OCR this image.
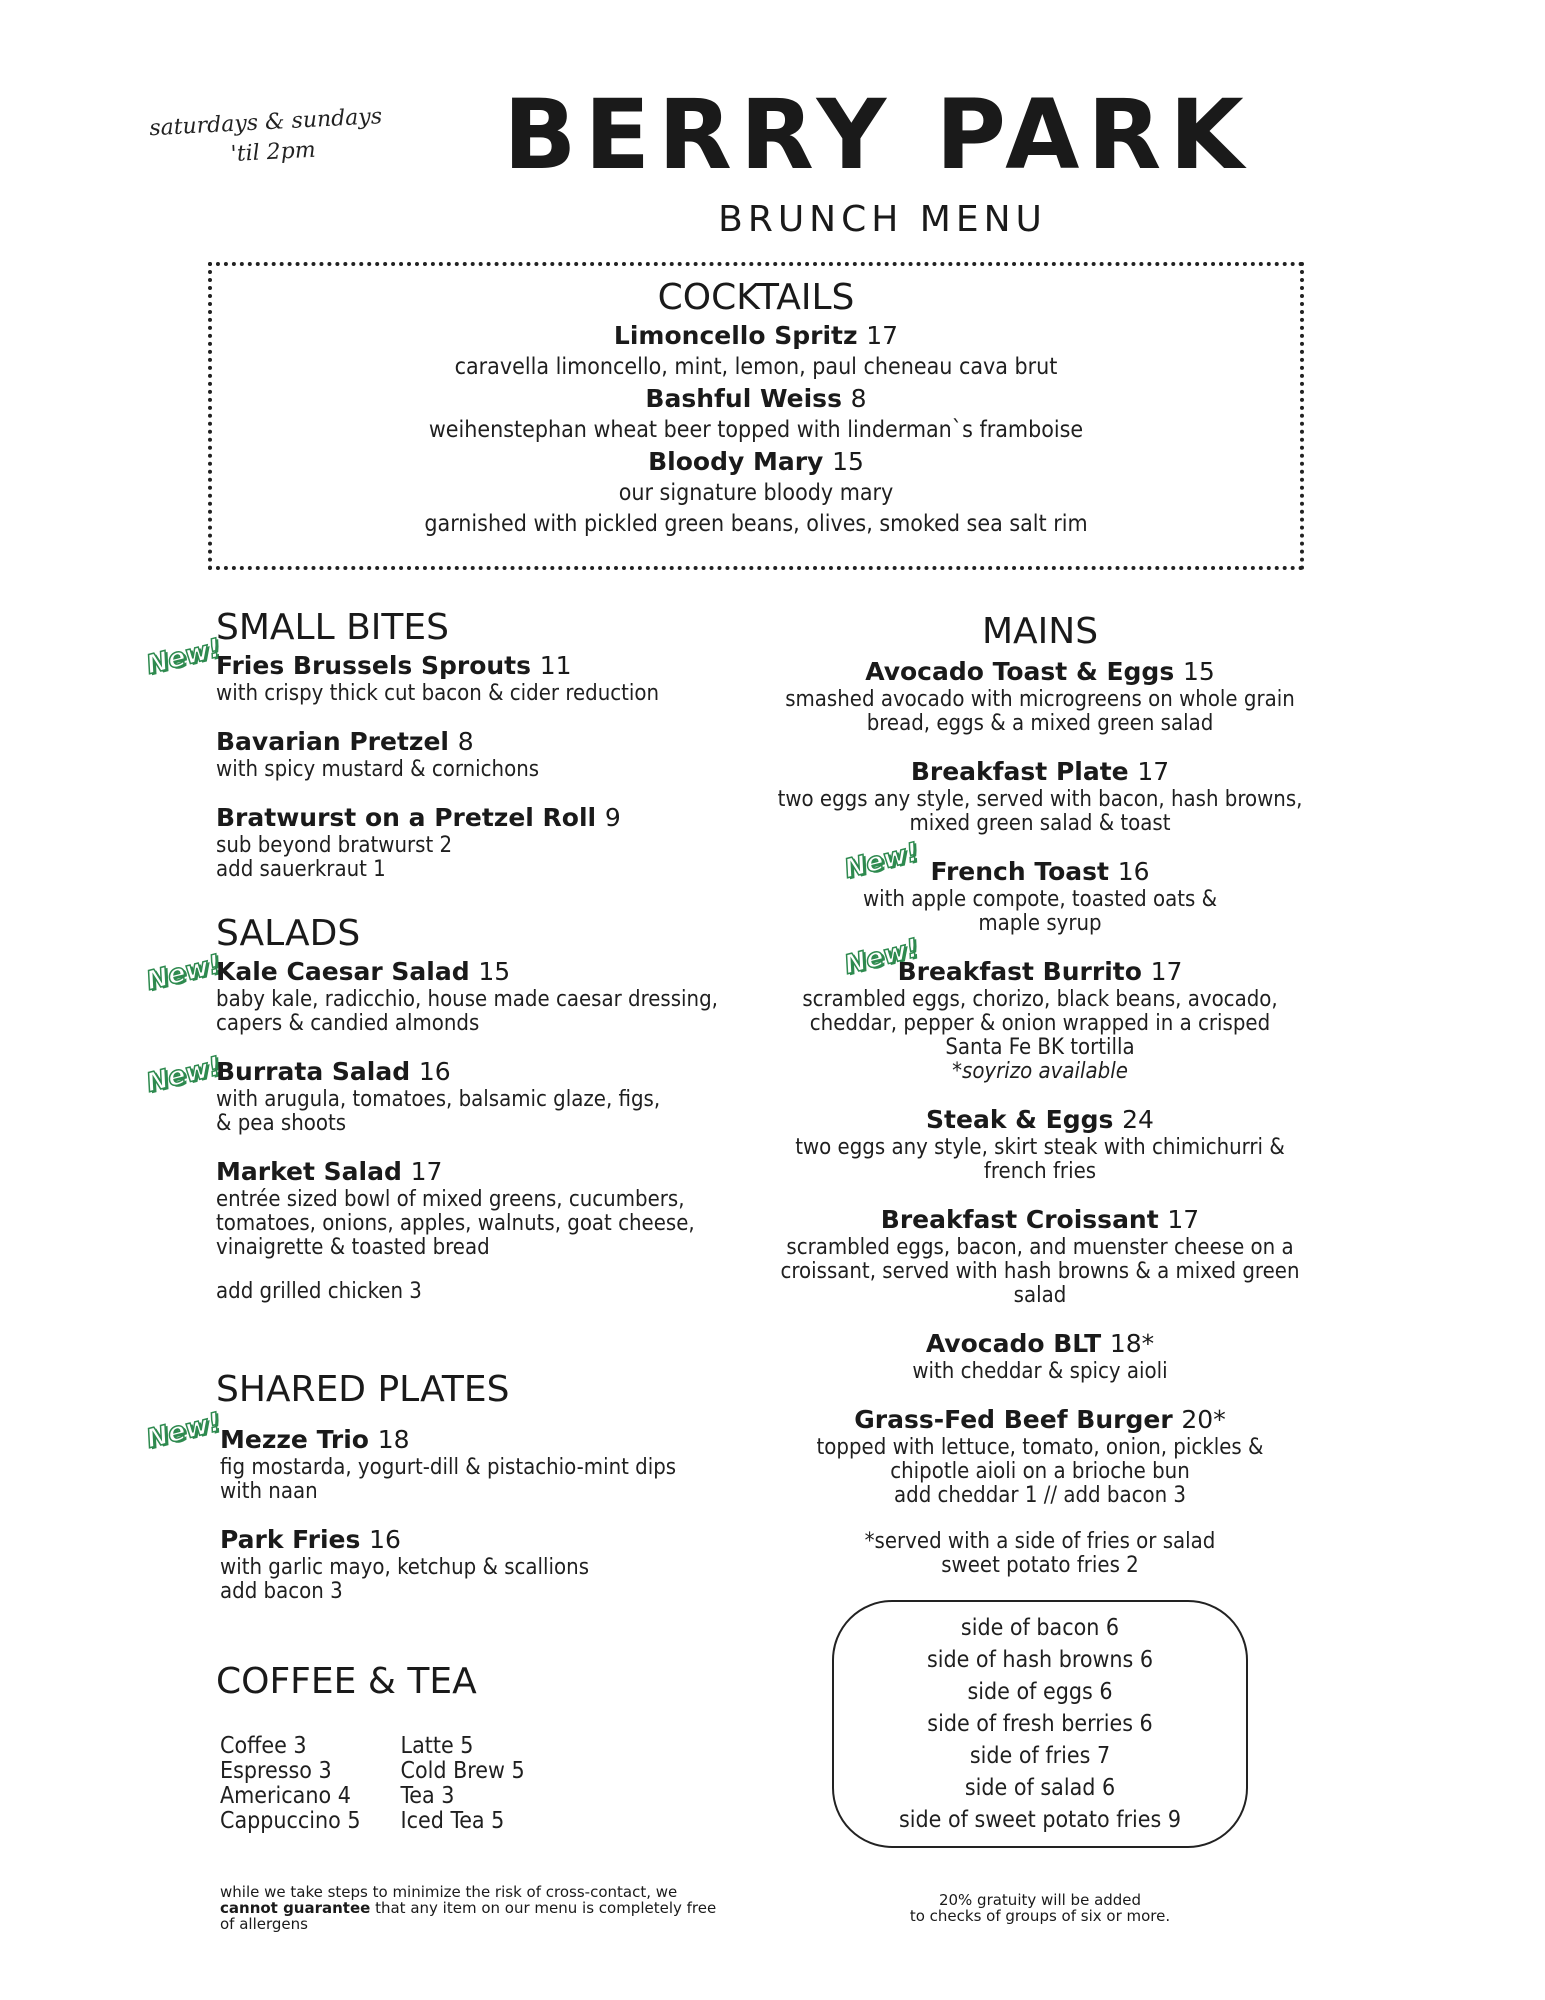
saturdays & sundays
'til 2pm	BERRY PARK
BRUNCH MENU
COCKTAILS
Limoncello Spritz 17
caravella limoncello, mint, lemon, paul cheneau cava brut
Bashful Weiss 8
weihenstephan wheat beer topped with linderman`s framboise
Bloody Mary 15
our signature bloody mary
garnished with pickled green beans, olives, smoked sea salt rim
New!
New!
New!
New!
New!
New!
SMALL BITES
Fries Brussels Sprouts 11
with crispy thick cut bacon & cider reduction
Bavarian Pretzel 8
with spicy mustard & cornichons
Bratwurst on a Pretzel Roll 9
sub beyond bratwurst 2
add sauerkraut 1
SALADS
Kale Caesar Salad 15
baby kale, radicchio, house made caesar dressing,
capers & candied almonds
Burrata Salad 16
with arugula, tomatoes, balsamic glaze, figs,
& pea shoots
Market Salad 17
entrée sized bowl of mixed greens, cucumbers,
tomatoes, onions, apples, walnuts, goat cheese,
vinaigrette & toasted bread
add grilled chicken 3
SHARED PLATES
Mezze Trio 18
fig mostarda, yogurt-dill & pistachio-mint dips
with naan
Park Fries 16
with garlic mayo, ketchup & scallions
add bacon 3
COFFEE & TEA
Coffee 3
Espresso 3
Americano 4
Cappuccino 5
Latte 5
Cold Brew 5
Tea 3
Iced Tea 5
MAINS
Avocado Toast & Eggs 15
smashed avocado with microgreens on whole grain
bread, eggs & a mixed green salad
Breakfast Plate 17
two eggs any style, served with bacon, hash browns,
mixed green salad & toast
French Toast 16
with apple compote, toasted oats &
maple syrup
Breakfast Burrito 17
scrambled eggs, chorizo, black beans, avocado,
cheddar, pepper & onion wrapped in a crisped
Santa Fe BK tortilla
*soyrizo available
Steak & Eggs 24
two eggs any style, skirt steak with chimichurri &
french fries
Breakfast Croissant 17
scrambled eggs, bacon, and muenster cheese on a
croissant, served with hash browns & a mixed green
salad
Avocado BLT 18*
with cheddar & spicy aioli
Grass-Fed Beef Burger 20*
topped with lettuce, tomato, onion, pickles &
chipotle aioli on a brioche bun
add cheddar 1 // add bacon 3
*served with a side of fries or salad
sweet potato fries 2
side of bacon 6
side of hash browns 6
side of eggs 6
side of fresh berries 6
side of fries 7
side of salad 6
side of sweet potato fries 9
while we take steps to minimize the risk of cross-contact, we
cannot guarantee that any item on our menu is completely free
of allergens
20% gratuity will be added
to checks of groups of six or more.
